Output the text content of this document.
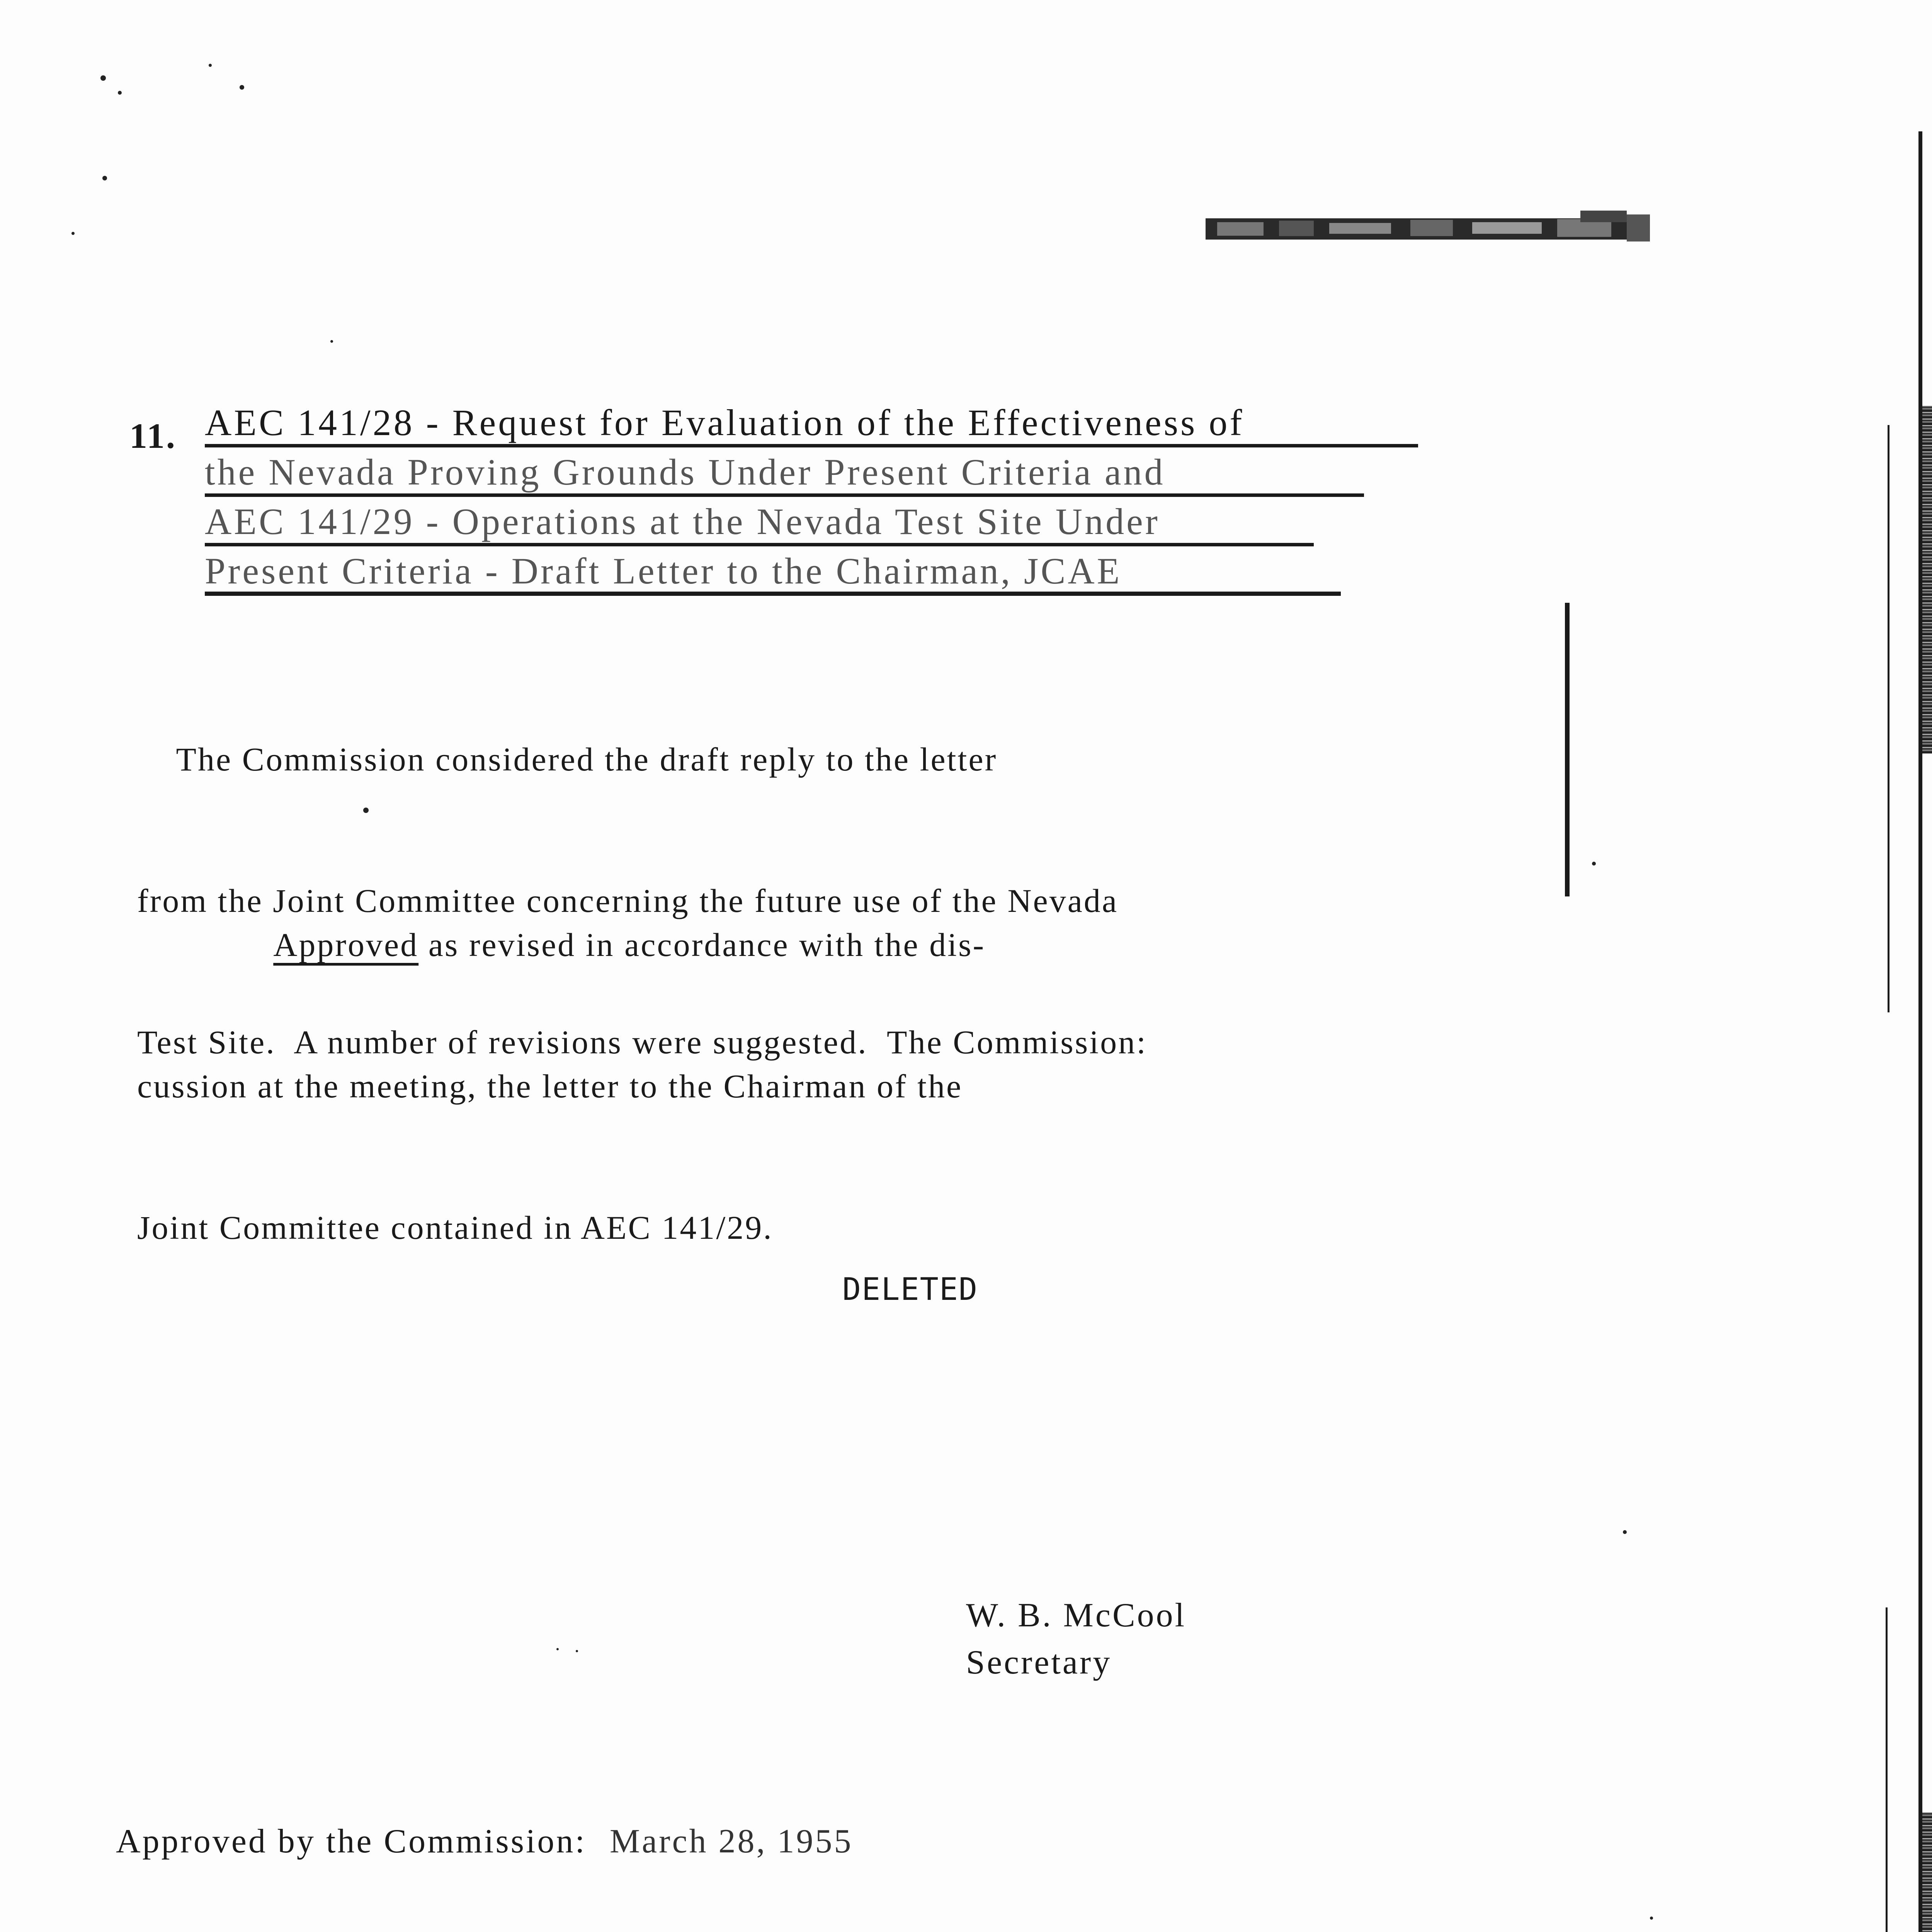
11. AEC 141/28 - Request for Evaluation of the Effectiveness of the Nevada Proving Grounds Under Present Criteria and AEC 141/29 - Operations at the Nevada Test Site Under Present Criteria - Draft Letter to the Chairman, JCAE

The Commission considered the draft reply to the letter

from the Joint Committee concerning the future use of the Nevada

Test Site.  A number of revisions were suggested.  The Commission:

Approved as revised in accordance with the dis-

cussion at the meeting, the letter to the Chairman of the

Joint Committee contained in AEC 141/29.

DELETED
W. B. McCool
Secretary
Approved by the Commission: March 28, 1955
